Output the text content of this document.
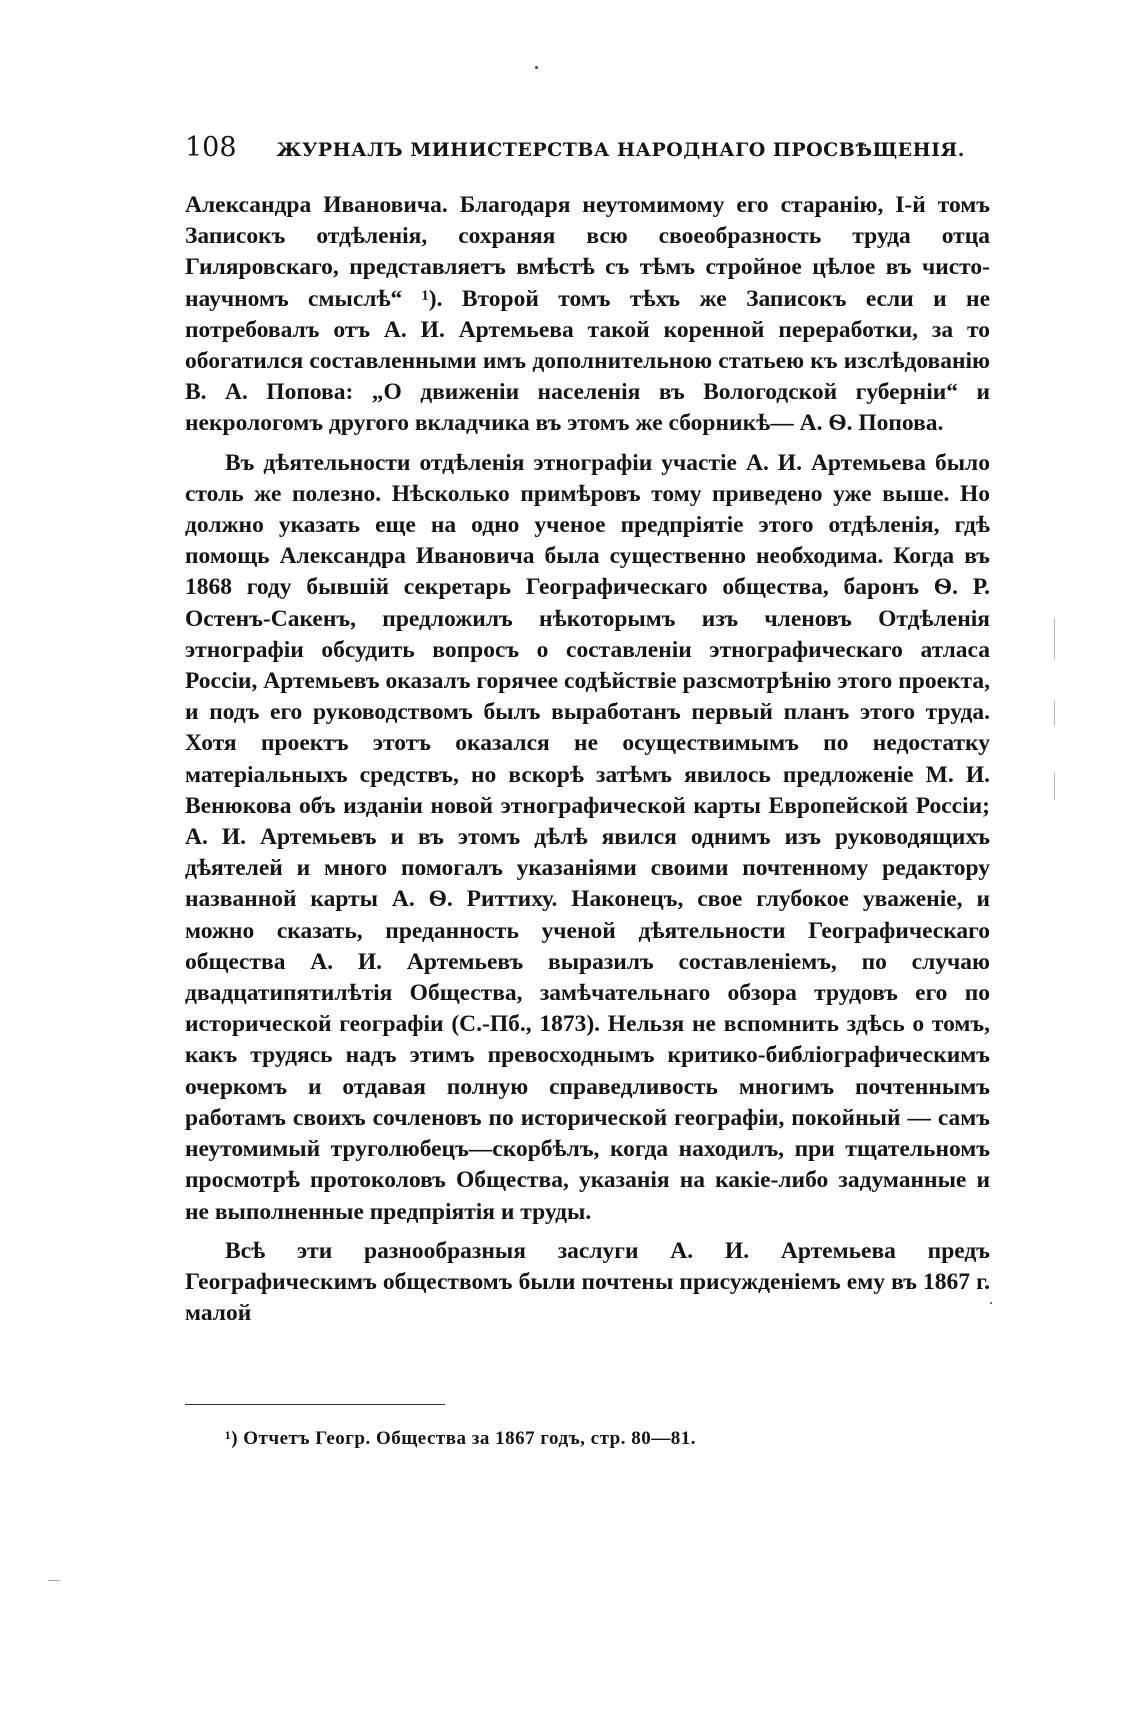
108 ЖУРНАЛЪ МИНИСТЕРСТВА НАРОДНАГО ПРОСВѢЩЕНІЯ.

Александра Ивановича. Благодаря неутомимому его старанію, I-й томъ Записокъ отдѣленія, сохраняя всю своеобразность труда отца Гиляровскаго, представляетъ вмѣстѣ съ тѣмъ стройное цѣлое въ чисто-научномъ смыслѣ“ ¹). Второй томъ тѣхъ же Записокъ если и не потребовалъ отъ А. И. Артемьева такой коренной переработки, за то обогатился составленными имъ дополнительною статьею къ изслѣдованію В. А. Попова: „О движеніи населенія въ Вологодской губерніи“ и некрологомъ другого вкладчика въ этомъ же сборникѣ— А. Ѳ. Попова.

Въ дѣятельности отдѣленія этнографіи участіе А. И. Артемьева было столь же полезно. Нѣсколько примѣровъ тому приведено уже выше. Но должно указать еще на одно ученое предпріятіе этого отдѣленія, гдѣ помощь Александра Ивановича была существенно необходима. Когда въ 1868 году бывшій секретарь Географическаго общества, баронъ Ѳ. Р. Остенъ-Сакенъ, предложилъ нѣкоторымъ изъ членовъ Отдѣленія этнографіи обсудить вопросъ о составленіи этнографическаго атласа Россіи, Артемьевъ оказалъ горячее содѣйствіе разсмотрѣнію этого проекта, и подъ его руководствомъ былъ выработанъ первый планъ этого труда. Хотя проектъ этотъ оказался не осуществимымъ по недостатку матеріальныхъ средствъ, но вскорѣ затѣмъ явилось предложеніе М. И. Венюкова объ изданіи новой этнографической карты Европейской Россіи; А. И. Артемьевъ и въ этомъ дѣлѣ явился однимъ изъ руководящихъ дѣятелей и много помогалъ указаніями своими почтенному редактору названной карты А. Ѳ. Риттиху. Наконецъ, свое глубокое уваженіе, и можно сказать, преданность ученой дѣятельности Географическаго общества А. И. Артемьевъ выразилъ составленіемъ, по случаю двадцатипятилѣтія Общества, замѣчательнаго обзора трудовъ его по исторической географіи (С.-Пб., 1873). Нельзя не вспомнить здѣсь о томъ, какъ трудясь надъ этимъ превосходнымъ критико-библіографическимъ очеркомъ и отдавая полную справедливость многимъ почтеннымъ работамъ своихъ сочленовъ по исторической географіи, покойный — самъ неутомимый труголюбецъ—скорбѣлъ, когда находилъ, при тщательномъ просмотрѣ протоколовъ Общества, указанія на какіе-либо задуманные и не выполненные предпріятія и труды.

Всѣ эти разнообразныя заслуги А. И. Артемьева предъ Географическимъ обществомъ были почтены присужденіемъ ему въ 1867 г. малой

¹) Отчетъ Геогр. Общества за 1867 годъ, стр. 80—81.
